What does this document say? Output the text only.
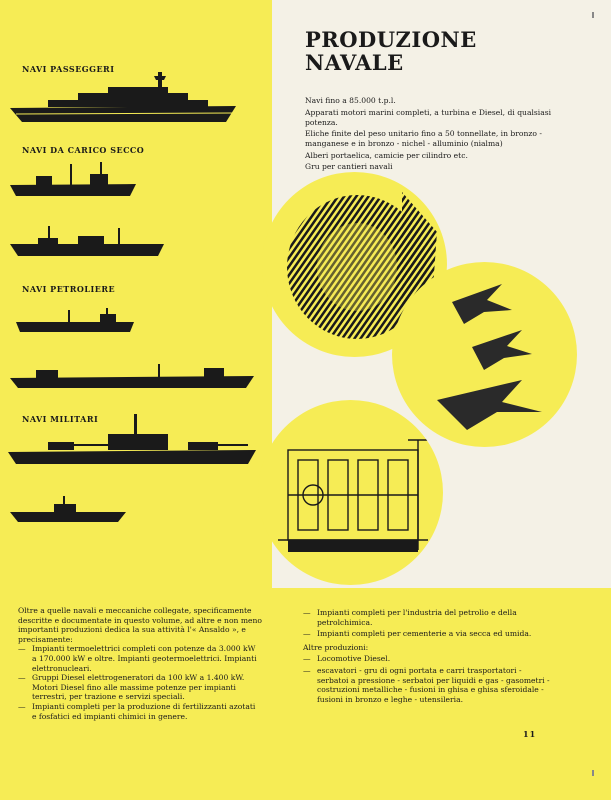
NAVI PASSEGGERI
NAVI DA CARICO SECCO
NAVI PETROLIERE
NAVI MILITARI
PRODUZIONE
NAVALE

Navi fino a 85.000 t.p.l.

Apparati motori marini completi, a turbina e Diesel, di qualsiasi potenza.

Eliche finite del peso unitario fino a 50 tonnellate, in bronzo - manganese e in bronzo - nichel - alluminio (nialma)

Alberi portaelica, camicie per cilindro etc.

Gru per cantieri navali

Oltre a quelle navali e meccaniche collegate, specificamente descritte e documentate in questo volume, ad altre e non meno importanti produzioni dedica la sua attività l'« Ansaldo », e precisamente:

— Impianti termoelettrici completi con potenze da 3.000 kW a 170.000 kW e oltre. Impianti geotermoelettrici. Impianti elettronucleari.

— Gruppi Diesel elettrogeneratori da 100 kW a 1.400 kW. Motori Diesel fino alle massime potenze per impianti terrestri, per trazione e servizi speciali.

— Impianti completi per la produzione di fertilizzanti azotati e fosfatici ed impianti chimici in genere.

— Impianti completi per l'industria del petrolio e della petrolchimica.

— Impianti completi per cementerie a via secca ed umida.

Altre produzioni:

— Locomotive Diesel.

— escavatori - gru di ogni portata e carri trasportatori - serbatoi a pressione - serbatoi per liquidi e gas - gasometri - costruzioni metalliche - fusioni in ghisa e ghisa sferoidale - fusioni in bronzo e leghe - utensileria.

11
